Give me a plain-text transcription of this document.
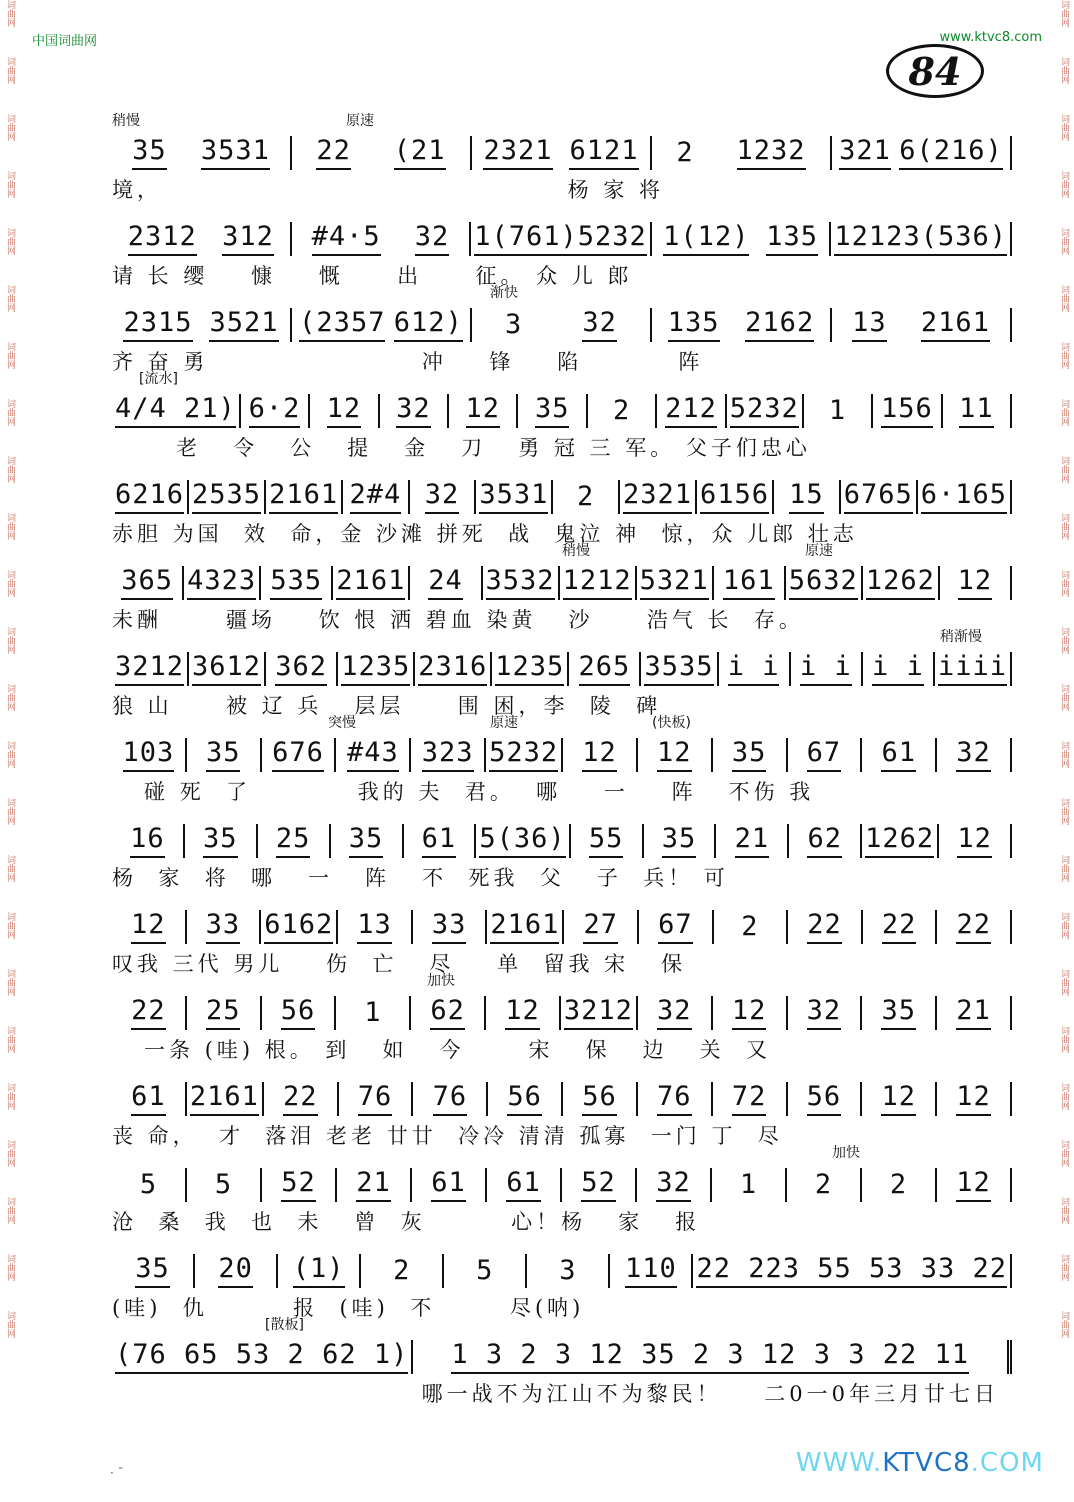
词曲网
词曲网
词曲网
词曲网
词曲网
词曲网
词曲网
词曲网
词曲网
词曲网
词曲网
词曲网
词曲网
词曲网
词曲网
词曲网
词曲网
词曲网
词曲网
词曲网
词曲网
词曲网
词曲网
词曲网
词曲网
词曲网
词曲网
词曲网
词曲网
词曲网
词曲网
词曲网
词曲网
词曲网
词曲网
词曲网
词曲网
词曲网
词曲网
词曲网
词曲网
词曲网
词曲网
词曲网
词曲网
词曲网
词曲网
词曲网
中国词曲网	www.ktvc8.com
84
稍慢	原速
35 3531 22 (21 2321 6121 2 1232 321 6(216)
境，                                      杨 家 将
2312 312 #4·5 32 1(761) 5232 1(12) 135 1212 3(536)
请 长 缨    慷    慨     出     征。 众 儿 郎
渐快
2315 3521 (2357 612) 3 32 135 2162 13 2161
齐 奋 勇                    冲    锋    陷         阵
[流水]
4/4 21) 6·2 12 32 12 35 2 212 5232 1 156 11
老   令   公   提   金   刀   勇 冠 三 军。 父子们忠心
6216 2535 2161 2#4 32 3531 2 2321 6156 15 6765 6·165
赤胆 为国  效  命，金 沙滩 拼死  战  鬼泣 神  惊，众 儿郎 壮志
稍慢	原速
365 4323 535 2161 24 3532 1212 5321 161 5632 1262 12
未酬      疆场    饮 恨 洒 碧血 染黄   沙     浩气 长  存。
稍渐慢
3212 3612 362 1235 2316 1235 265 3535 i i i i i i iiii
狼 山     被 辽 兵   层层     围 困，李  陵  碑
突慢	原速	(快板)
103 35 676 #43 323 5232 12 12 35 67 61 32
碰 死  了          我的 夫  君。  哪    一    阵   不伤 我
16 35 25 35 61 5(36) 55 35 21 62 1262 12
杨  家  将  哪   一   阵   不  死我  父   子  兵！ 可
12 33 6162 13 33 2161 27 67 2 22 22 22
叹我 三代 男儿    伤  亡   尽    单  留我 宋   保
加快
22 25 56 1 62 12 3212 32 12 32 35 21
一条 (哇) 根。 到   如   今      宋   保   边   关  又
61 2161 22 76 76 56 56 76 72 56 12 12
丧 命，  才  落泪 老老 廿廿  冷冷 清清 孤寡  一门 丁  尽
加快
5 5 52 21 61 61 52 32 1 2 2 12
沧  桑  我  也  未   曾  灰        心！杨   家   报
35 20 (1) 2 5 3 110 22 223 55 53 33 22
(哇)  仇        报  (哇)  不       尽(呐)
[散板]
(76 65 53 2 62 1) 1 3 2 3 12 35 2 3 12 3 3 22 11
哪一战不为江山不为黎民！    二0一0年三月廿七日
· ˉ	WWW.KTVC8.COM
